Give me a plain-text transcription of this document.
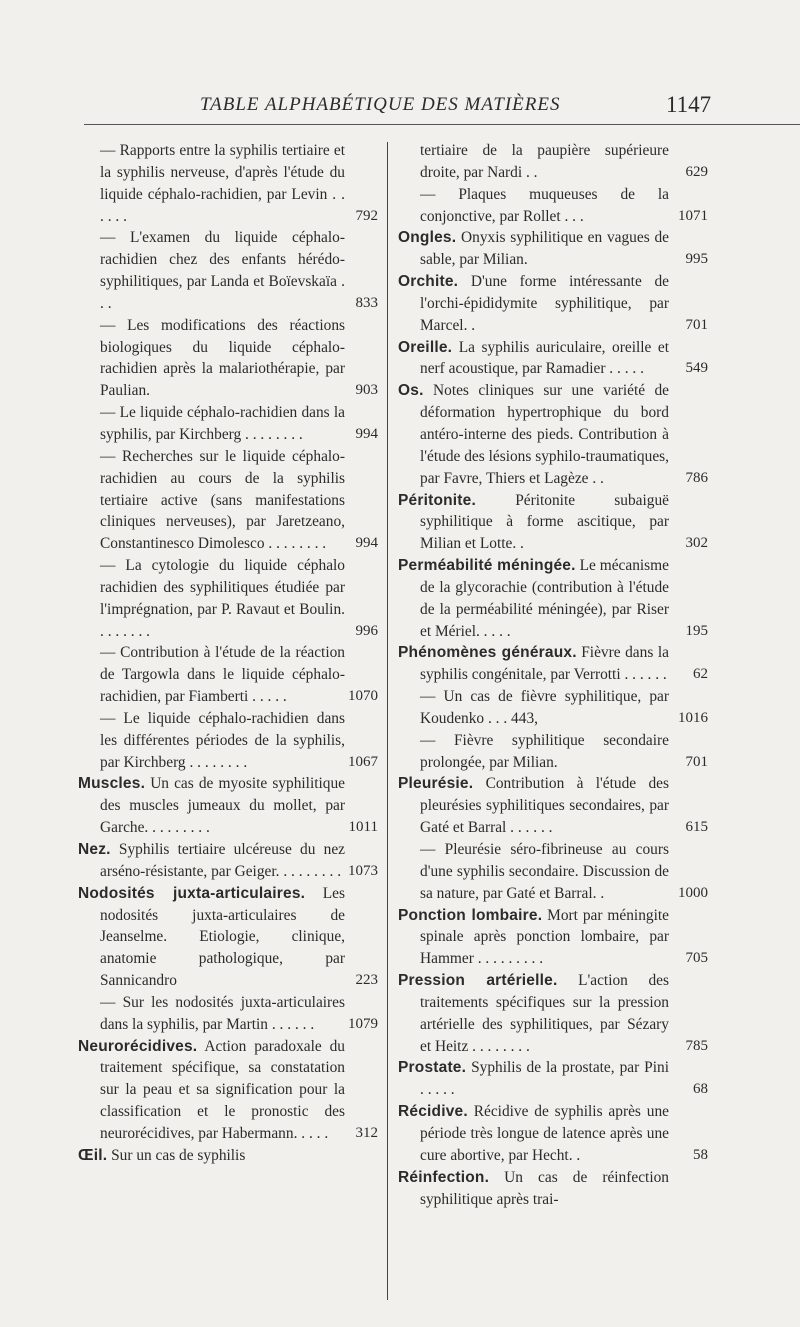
TABLE ALPHABÉTIQUE DES MATIÈRES	1147
— Rapports entre la syphilis tertiaire et la syphilis nerveuse, d'après l'étude du liquide céphalo-rachidien, par Levin . . . . . .	792
— L'examen du liquide céphalo-rachidien chez des enfants hérédo-syphilitiques, par Landa et Boïevskaïa . . .	833
— Les modifications des réactions biologiques du liquide céphalo-rachidien après la malariothérapie, par Paulian.	903
— Le liquide céphalo-rachidien dans la syphilis, par Kirchberg . . . . . . . .	994
— Recherches sur le liquide céphalo-rachidien au cours de la syphilis tertiaire active (sans manifestations cliniques nerveuses), par Jaretzeano, Constantinesco Dimolesco . . . . . . . .	994
— La cytologie du liquide céphalo rachidien des syphilitiques étudiée par l'imprégnation, par P. Ravaut et Boulin. . . . . . . .	996
— Contribution à l'étude de la réaction de Targowla dans le liquide céphalo-rachidien, par Fiamberti . . . . .	1070
— Le liquide céphalo-rachidien dans les différentes périodes de la syphilis, par Kirchberg . . . . . . . .	1067
Muscles. Un cas de myosite syphilitique des muscles jumeaux du mollet, par Garche. . . . . . . . .	1011
Nez. Syphilis tertiaire ulcéreuse du nez arséno-résistante, par Geiger. . . . . . . . . 1073
Nodosités juxta-articulaires. Les nodosités juxta-articulaires de Jeanselme. Etiologie, clinique, anatomie pathologique, par Sannicandro	223
— Sur les nodosités juxta-articulaires dans la syphilis, par Martin . . . . . .	1079
Neurorécidives. Action paradoxale du traitement spécifique, sa constatation sur la peau et sa signification pour la classification et le pronostic des neurorécidives, par Habermann. . . . .	312
Œil. Sur un cas de syphilis
tertiaire de la paupière supérieure droite, par Nardi . .	629
— Plaques muqueuses de la conjonctive, par Rollet . . .	1071
Ongles. Onyxis syphilitique en vagues de sable, par Milian.	995
Orchite. D'une forme intéressante de l'orchi-épididymite syphilitique, par Marcel. .	701
Oreille. La syphilis auriculaire, oreille et nerf acoustique, par Ramadier . . . . .	549
Os. Notes cliniques sur une variété de déformation hypertrophique du bord antéro-interne des pieds. Contribution à l'étude des lésions syphilo-traumatiques, par Favre, Thiers et Lagèze . .	786
Péritonite.	Péritonite subaiguë syphilitique à forme ascitique, par Milian et Lotte. .	302
Perméabilité méningée. Le mécanisme de la glycorachie (contribution à l'étude de la perméabilité méningée), par Riser et Mériel. . . . .	195
Phénomènes généraux. Fièvre dans la syphilis congénitale, par Verrotti . . . . . .	62
— Un cas de fièvre syphilitique, par Koudenko . . . 443,	1016
— Fièvre syphilitique secondaire prolongée, par Milian.	701
Pleurésie. Contribution à l'étude des pleurésies syphilitiques secondaires, par Gaté et Barral . . . . . .	615
— Pleurésie séro-fibrineuse au cours d'une syphilis secondaire. Discussion de sa nature, par Gaté et Barral. .	1000
Ponction lombaire. Mort par méningite spinale après ponction lombaire, par Hammer . . . . . . . . .	705
Pression artérielle. L'action des traitements spécifiques sur la pression artérielle des syphilitiques, par Sézary et Heitz . . . . . . . .	785
Prostate. Syphilis de la prostate, par Pini . . . . .	68
Récidive. Récidive de syphilis après une période très longue de latence après une cure abortive, par Hecht. .	58
Réinfection. Un cas de réinfection syphilitique après trai-
